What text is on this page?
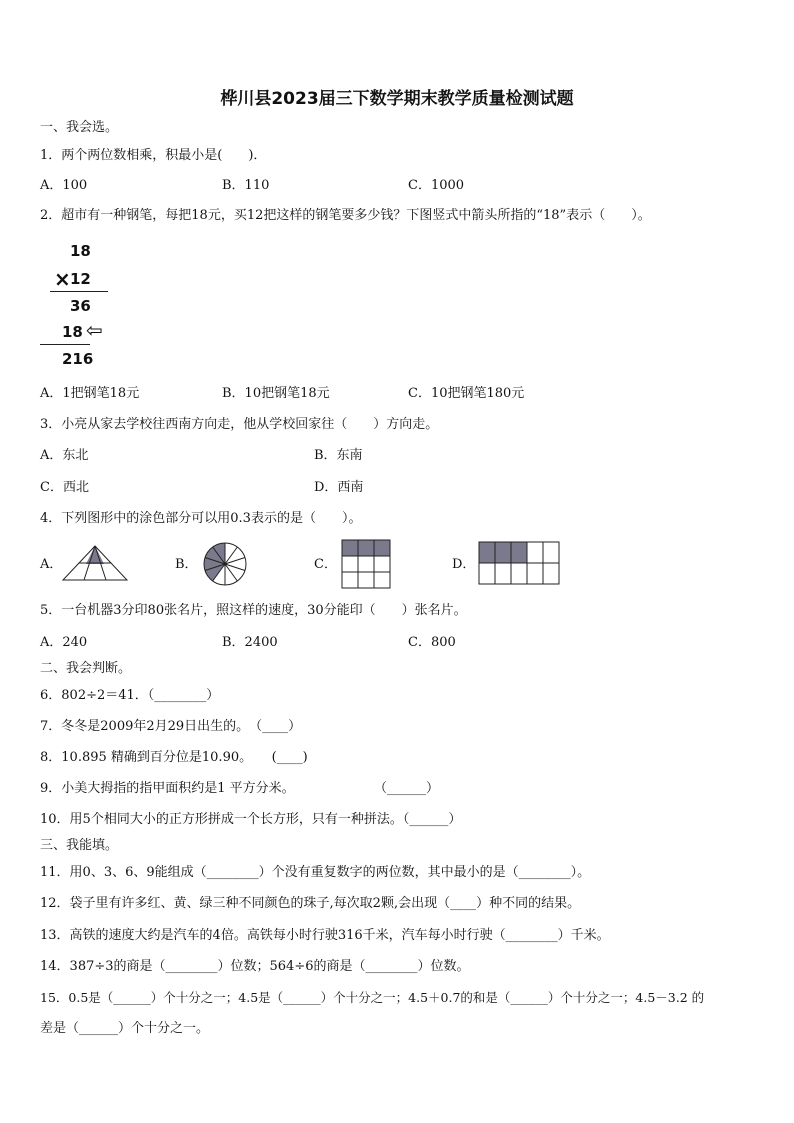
桦川县2023届三下数学期末教学质量检测试题
一、我会选。
1．两个两位数相乘，积最小是(　　)．
A．100	B．110	C．1000
2．超市有一种钢笔，每把18元，买12把这样的钢笔要多少钱？下图竖式中箭头所指的“18”表示（　　）。
18
× 12
36
18 ⇦
216
A．1把钢笔18元	B．10把钢笔18元	C．10把钢笔180元
3．小亮从家去学校往西南方向走，他从学校回家往（　　）方向走。
A．东北	B．东南
C．西北	D．西南
4．下列图形中的涂色部分可以用0.3表示的是（　　）。
A．	B．	C．	D．
5．一台机器3分印80张名片，照这样的速度，30分能印（　　）张名片。
A．240	B．2400	C．800
二、我会判断。
6．802÷2＝41．（________）
7．冬冬是2009年2月29日出生的。　（____）
8．10.895 精确到百分位是10.90。　　(____)
9．小美大拇指的指甲面积约是1 平方分米。	（______）
10．用5个相同大小的正方形拼成一个长方形，只有一种拼法。（______）
三、我能填。
11．用0、3、6、9能组成（________）个没有重复数字的两位数，其中最小的是（________）。
12．袋子里有许多红、黄、绿三种不同颜色的珠子,每次取2颗,会出现（____）种不同的结果。
13．高铁的速度大约是汽车的4倍。高铁每小时行驶316千米，汽车每小时行驶（________）千米。
14．387÷3的商是（________）位数；564÷6的商是（________）位数。
15．0.5是（______）个十分之一；4.5是（______）个十分之一；4.5＋0.7的和是（______）个十分之一；4.5－3.2 的
差是（______）个十分之一。
